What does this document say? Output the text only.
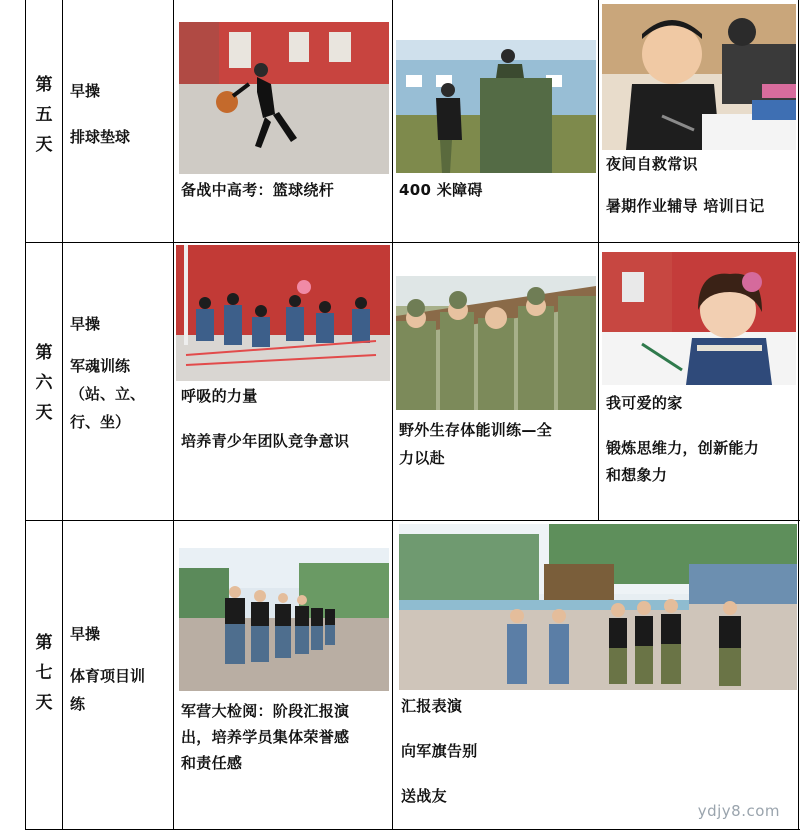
第
五
天
早操
排球垫球
备战中高考：篮球绕杆	400 米障碍
夜间自救常识
暑期作业辅导 培训日记
第
六
天
早操
军魂训练
（站、立、
行、坐）
呼吸的力量
培养青少年团队竞争意识
野外生存体能训练—全
力以赴
我可爱的家
锻炼思维力，创新能力
和想象力
第
七
天
早操
体育项目训
练	军营大检阅：阶段汇报演
出，培养学员集体荣誉感
和责任感
汇报表演
向军旗告别
送战友
ydjy8.com
